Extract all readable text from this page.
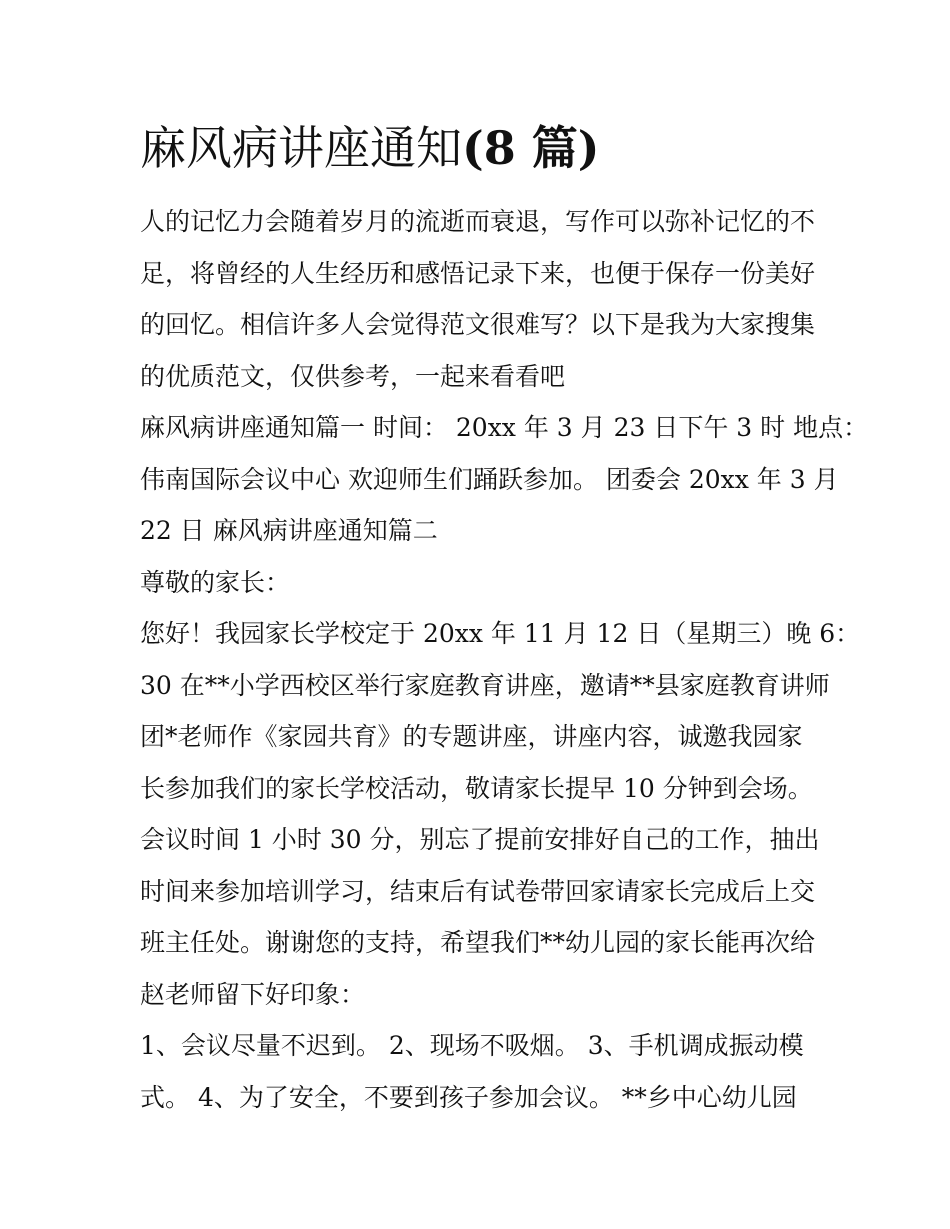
麻风病讲座通知(8 篇)
人的记忆力会随着岁月的流逝而衰退，写作可以弥补记忆的不
足，将曾经的人生经历和感悟记录下来，也便于保存一份美好
的回忆。相信许多人会觉得范文很难写？以下是我为大家搜集
的优质范文，仅供参考，一起来看看吧
麻风病讲座通知篇一 时间： 20xx 年 3 月 23 日下午 3 时 地点：
伟南国际会议中心 欢迎师生们踊跃参加。 团委会 20xx 年 3 月
22 日 麻风病讲座通知篇二
尊敬的家长：
您好！我园家长学校定于 20xx 年 11 月 12 日（星期三）晚 6：
30 在**小学西校区举行家庭教育讲座，邀请**县家庭教育讲师
团*老师作《家园共育》的专题讲座，讲座内容，诚邀我园家
长参加我们的家长学校活动，敬请家长提早 10 分钟到会场。
会议时间 1 小时 30 分，别忘了提前安排好自己的工作，抽出
时间来参加培训学习，结束后有试卷带回家请家长完成后上交
班主任处。谢谢您的支持，希望我们**幼儿园的家长能再次给
赵老师留下好印象：
1、会议尽量不迟到。 2、现场不吸烟。 3、手机调成振动模
式。 4、为了安全，不要到孩子参加会议。 **乡中心幼儿园
